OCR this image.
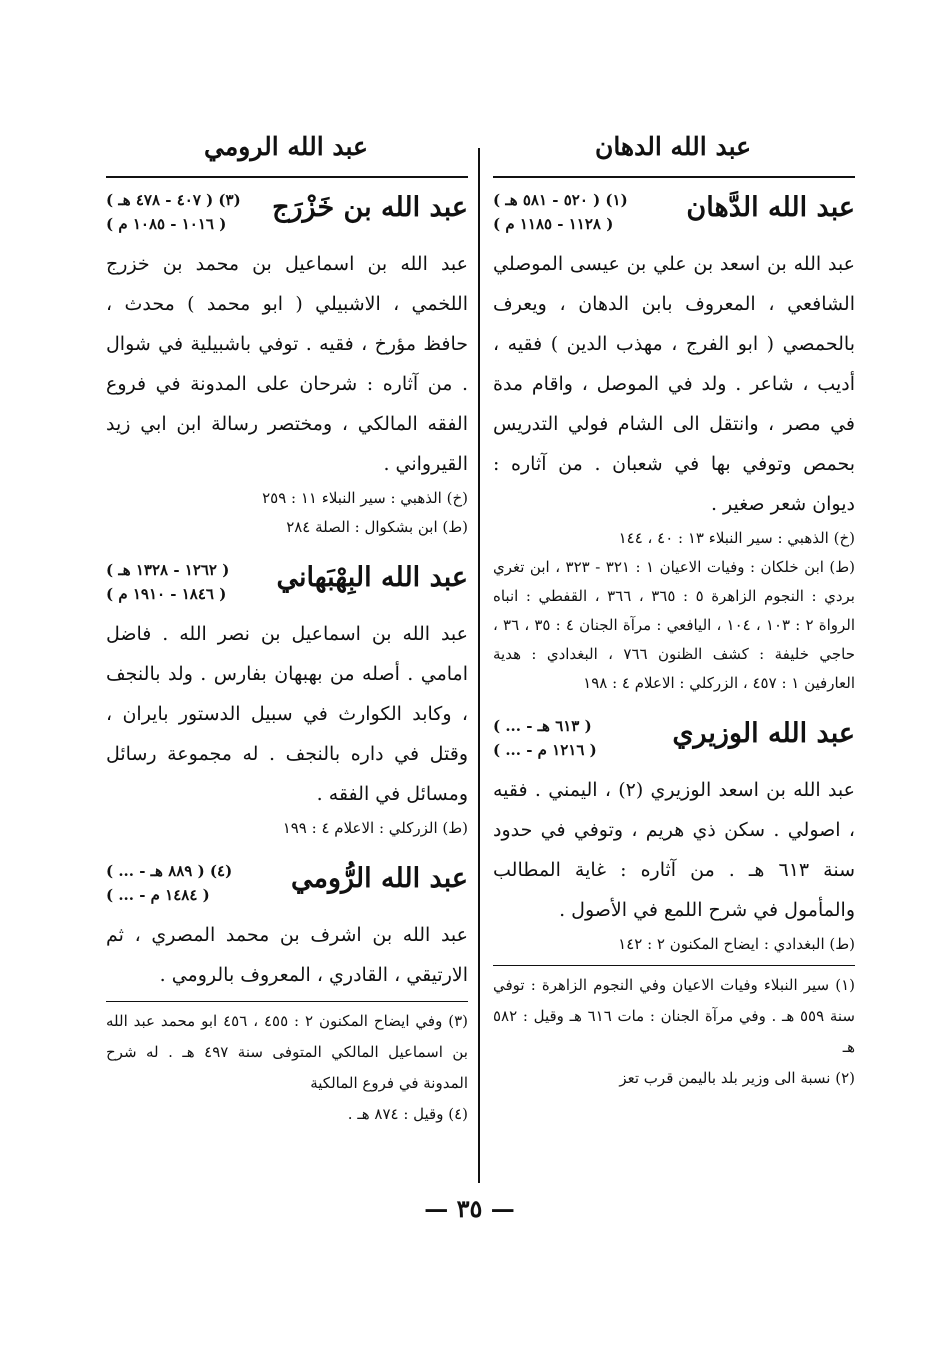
عبد الله الدهان
عبد الله الرومي
عبد الله الدَّهان
( ٥٢٠ - ٥٨١ هـ ) (١)
( ١١٢٨ - ١١٨٥ م )

عبد الله بن اسعد بن علي بن عيسى الموصلي الشافعي ، المعروف بابن الدهان ، ويعرف بالحمصي ( ابو الفرج ، مهذب الدين ) فقيه ، أديب ، شاعر . ولد في الموصل ، واقام مدة في مصر ، وانتقل الى الشام فولي التدريس بحمص وتوفي بها في شعبان . من آثاره : ديوان شعر صغير .

(خ) الذهبي : سير النبلاء ١٣ : ٤٠ ، ١٤٤

(ط) ابن خلكان : وفيات الاعيان ١ : ٣٢١ - ٣٢٣ ، ابن تغري بردي : النجوم الزاهرة ٥ : ٣٦٥ ، ٣٦٦ ، القفطي : انباه الرواة ٢ : ١٠٣ ، ١٠٤ ، اليافعي : مرآة الجنان ٤ : ٣٥ ، ٣٦ ، حاجي خليفة : كشف الظنون ٧٦٦ ، البغدادي : هدية العارفين ١ : ٤٥٧ ، الزركلي : الاعلام ٤ : ١٩٨

عبد الله الوزيري
( ... - ٦١٣ هـ )
( ... - ١٢١٦ م )

عبد الله بن اسعد الوزيري (٢) ، اليمني . فقيه ، اصولي . سكن ذي هريم ، وتوفي في حدود سنة ٦١٣ هـ . من آثاره : غاية المطالب والمأمول في شرح اللمع في الأصول .

(ط) البغدادي : ايضاح المكنون ٢ : ١٤٢

(١) سير النبلاء وفيات الاعيان وفي النجوم الزاهرة : توفي سنة ٥٥٩ هـ . وفي مرآة الجنان : مات ٦١٦ هـ وقيل : ٥٨٢ هـ

(٢) نسبة الى وزير بلد باليمن قرب تعز

عبد الله بن خَزْرَج
( ٤٠٧ - ٤٧٨ هـ ) (٣)
( ١٠١٦ - ١٠٨٥ م )

عبد الله بن اسماعيل بن محمد بن خزرج اللخمي ، الاشبيلي ( ابو محمد ) محدث ، حافظ مؤرخ ، فقيه . توفي باشبيلية في شوال . من آثاره : شرحان على المدونة في فروع الفقه المالكي ، ومختصر رسالة ابن ابي زيد القيرواني .

(خ) الذهبي : سير النبلاء ١١ : ٢٥٩

(ط) ابن بشكوال : الصلة ٢٨٤

عبد الله البِهْبَهاني
( ١٢٦٢ - ١٣٢٨ هـ )
( ١٨٤٦ - ١٩١٠ م )

عبد الله بن اسماعيل بن نصر الله . فاضل امامي . أصله من بهبهان بفارس . ولد بالنجف ، وكابد الكوارث في سبيل الدستور بايران ، وقتل في داره بالنجف . له مجموعة رسائل ومسائل في الفقه .

(ط) الزركلي : الاعلام ٤ : ١٩٩

عبد الله الرُّومي
( ... - ٨٨٩ هـ ) (٤)
( ... - ١٤٨٤ م )

عبد الله بن اشرف بن محمد المصري ، ثم الارتيقي ، القادري ، المعروف بالرومي .

(٣) وفي ايضاح المكنون ٢ : ٤٥٥ ، ٤٥٦ ابو محمد عبد الله بن اسماعيل المالكي المتوفى سنة ٤٩٧ هـ . له شرح المدونة في فروع المالكية

(٤) وقيل : ٨٧٤ هـ .

— ٣٥ —
